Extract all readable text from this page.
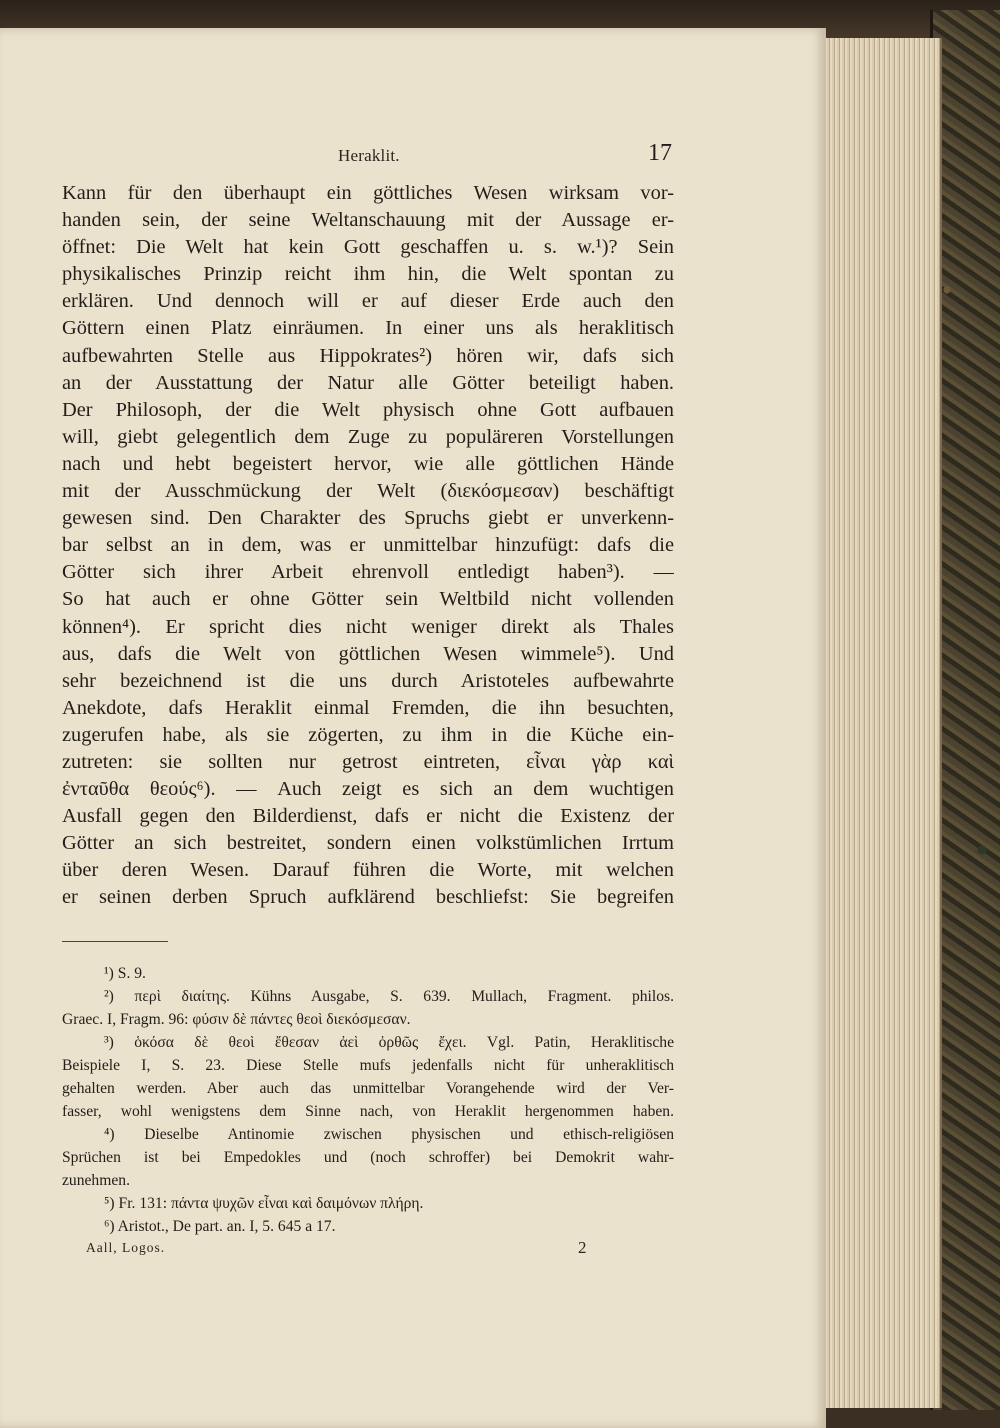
Heraklit.	17
Kann für den überhaupt ein göttliches Wesen wirksam vor-
handen sein, der seine Weltanschauung mit der Aussage er-
öffnet: Die Welt hat kein Gott geschaffen u. s. w.¹)? Sein
physikalisches Prinzip reicht ihm hin, die Welt spontan zu
erklären. Und dennoch will er auf dieser Erde auch den
Göttern einen Platz einräumen. In einer uns als heraklitisch
aufbewahrten Stelle aus Hippokrates²) hören wir, dafs sich
an der Ausstattung der Natur alle Götter beteiligt haben.
Der Philosoph, der die Welt physisch ohne Gott aufbauen
will, giebt gelegentlich dem Zuge zu populäreren Vorstellungen
nach und hebt begeistert hervor, wie alle göttlichen Hände
mit der Ausschmückung der Welt (διεκόσμεσαν) beschäftigt
gewesen sind. Den Charakter des Spruchs giebt er unverkenn-
bar selbst an in dem, was er unmittelbar hinzufügt: dafs die
Götter sich ihrer Arbeit ehrenvoll entledigt haben³). —
So hat auch er ohne Götter sein Weltbild nicht vollenden
können⁴). Er spricht dies nicht weniger direkt als Thales
aus, dafs die Welt von göttlichen Wesen wimmele⁵). Und
sehr bezeichnend ist die uns durch Aristoteles aufbewahrte
Anekdote, dafs Heraklit einmal Fremden, die ihn besuchten,
zugerufen habe, als sie zögerten, zu ihm in die Küche ein-
zutreten: sie sollten nur getrost eintreten, εἶναι γὰρ καὶ
ἐνταῦθα θεούς⁶). — Auch zeigt es sich an dem wuchtigen
Ausfall gegen den Bilderdienst, dafs er nicht die Existenz der
Götter an sich bestreitet, sondern einen volkstümlichen Irrtum
über deren Wesen. Darauf führen die Worte, mit welchen
er seinen derben Spruch aufklärend beschliefst: Sie begreifen
¹) S. 9.
²) περὶ διαίτης. Kühns Ausgabe, S. 639. Mullach, Fragment. philos.
Graec. I, Fragm. 96: φύσιν δὲ πάντες θεοὶ διεκόσμεσαν.
³) ὁκόσα δὲ θεοὶ ἔθεσαν ἀεὶ ὀρθῶς ἔχει. Vgl. Patin, Heraklitische
Beispiele I, S. 23. Diese Stelle mufs jedenfalls nicht für unheraklitisch
gehalten werden. Aber auch das unmittelbar Vorangehende wird der Ver-
fasser, wohl wenigstens dem Sinne nach, von Heraklit hergenommen haben.
⁴) Dieselbe Antinomie zwischen physischen und ethisch-religiösen
Sprüchen ist bei Empedokles und (noch schroffer) bei Demokrit wahr-
zunehmen.
⁵) Fr. 131: πάντα ψυχῶν εἶναι καὶ δαιμόνων πλήρη.
⁶) Aristot., De part. an. I, 5. 645 a 17.
Aall, Logos.	2
